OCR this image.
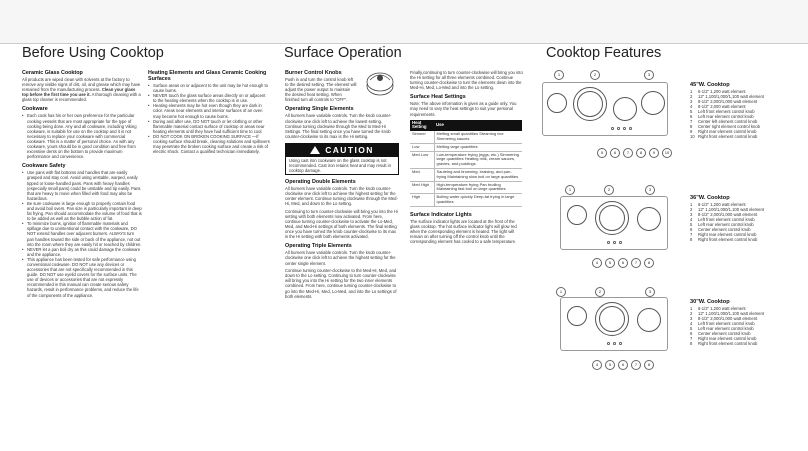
Before Using Cooktop	Surface Operation	Cooktop Features
Ceramic Glass Cooktop

All products are wiped clean with solvents at the factory to remove any visible signs of dirt, oil, and grease which may have remained from the manufacturing process. Clean your glass top before the first time you use it. A thorough cleaning with a glass top cleaner is recommended.

Cookware
• Each cook has his or her own preference for the particular cooking vessels that are most appropriate for the type of cooking being done. Any and all cookware, including Viking cookware, is suitable for use on the cooktop and it is not necessary to replace your cookware with commercial cookware. This is a matter of personal choice. As with any cookware, yours should be in good condition and free from excessive dents on the bottom to provide maximum performance and convenience.
Cookware Safety
• Use pans with flat bottoms and handles that are easily grasped and stay cool. Avoid using unstable, warped, easily tipped or loose-handled pans. Pans with heavy handles (especially small pans) could be unstable and tip easily. Pans that are heavy to move when filled with food may also be hazardous.
• Be sure cookware is large enough to properly contain food and avoid boil overs. Pan size is particularly important in deep fat frying. Pan should accommodate the volume of food that is to be added as well as the bubble action of fat.
• To minimize burns, ignition of flammable materials and spillage due to unintentional contact with the cookware, DO NOT extend handles over adjacent burners. ALWAYS turn pan handles toward the side or back of the appliance, not out into the room where they are easily hit or reached by children.
• NEVER let a pan boil dry as this could damage the cookware and the appliance.
• This appliance has been tested for safe performance using conventional cookware. DO NOT use any devices or accessories that are not specifically recommended in this guide. DO NOT use eyelid covers for the surface units. The use of devices or accessories that are not expressly recommended in this manual can create serious safety hazards, result in performance problems, and reduce the life of the components of the appliance.
Heating Elements and Glass Ceramic Cooking Surfaces
• Surface areas on or adjacent to the unit may be hot enough to cause burns.
• NEVER touch the glass surface areas directly on or adjacent to the heating elements when the cooktop is in use.
• Heating elements may be hot even though they are dark in color. Areas near elements and interior surfaces of an oven may become hot enough to cause burns.
• During and after use, DO NOT touch or let clothing or other flammable material contact surface of cooktop or areas near heating elements until they have had sufficient time to cool.
• DO NOT COOK ON BROKEN COOKING SURFACE —If cooking surface should break, cleaning solutions and spillovers may penetrate the broken cooking surface and create a risk of electric shock. Contact a qualified technician immediately.
Burner Control Knobs

Push in and turn the control knob left to the desired setting. The element will adjust the power output to maintain the desired heat setting. When finished turn all controls to "OFF".

Operating Single Elements

All burners have variable controls. Turn the knob counter-clockwise one click left to achieve the lowest setting. Continue turning clockwise through the Med to Med-Hi Settings. The final setting once you have turned the knob counter-clockwise to its max is the Hi setting.

CAUTION
Using cast iron cookware on the glass cooktop is not recommended. Cast iron retains heat and may result in cooktop damage.
Operating Double Elements

All burners have variable controls. Turn the knob counter-clockwise one click left to achieve the highest setting for the center element. Continue turning clockwise through the Med-Hi, Med, and down to the Lo setting.

Continuing to turn counter-clockwise will bring you into the Hi setting with both elements now activated. From here, continue turning counter-clockwise to activate the Lo-Med, Med, and Med-Hi settings of both elements. The final setting once you have turned the knob counter-clockwise to its max is the Hi setting with both elements activated.

Operating Triple Elements

All burners have variable controls. Turn the knob counter-clockwise one click left to achieve the highest setting for the center single element.

Continue turning counter-clockwise to the Med-Hi, Med, and down to the Lo setting. Continuing to turn counter-clockwise will bring you into the Hi setting for the two inner elements combined. From here, continue turning counter-clockwise to go into the Med-Hi, Med, Lo-Med, and into the Lo settings of both elements.

Finally,continuing to turn counter-clockwise will bring you into the Hi setting for all three elements combined. Continue turning counter-clockwise to turn the elements down into the Med-Hi, Med, Lo-Med and into the Lo setting.

Surface Heat Settings

Note: The above information is given as a guide only. You may need to vary the heat settings to suit your personal requirements.

Heat Setting	Use
Simmer	Melting small quantities Steaming rice Simmering sauces
Low	Melting large quantities
Med Low	Low-temperature frying (eggs, etc.) Simmering large quantities Heating milk, cream sauces, gravies, and puddings
Med	Sauteing and browning, braising, and pan-frying Maintaining slow boil on large quantities
Med High	High-temperature frying Pan broiling Maintaining fast boil on large quantities
High	Boiling water quickly Deep-fat frying in large quantities
Surface Indicator Lights

The surface indicator lights are located at the front of the glass cooktop. The hot surface indicator light will glow red when the corresponding element is heated. The light will remain on after turning off the control knob until the corresponding element has cooled to a safe temperature.

1	2	3
5	6	7	8	9	10
45"W. Cooktop
1 6-1/2" 1,200 watt element
2 12" 1,100/1,000/1,100 watt element
3 8-1/2" 2,000/1,000 watt element
4 8-1/2" 2,000 watt element
5 Left front element control knob
6 Left rear element control knob
7 Center left element control knob
8 Center right element control knob
9 Right rear element control knob
10 Right front element control knob
1	2	3
4	5	6	7	8
36"W. Cooktop
1 6-1/2" 1,200 watt element
2 12" 1,100/1,000/1,100 watt element
3 8-1/2" 2,000/1,000 watt element
4 Left front element control knob
5 Left rear element control knob
6 Center element control knob
7 Right rear element control knob
8 Right front element control knob
1	2	3
4	5	6	7	8
30"W. Cooktop
1 6-1/2" 1,200 watt element
2 12" 1,100/1,000/1,100 watt element
3 8-1/2" 2,000/1,000 watt element
4 Left front element control knob
5 Left rear element control knob
6 Center element control knob
7 Right rear element control knob
8 Right front element control knob
